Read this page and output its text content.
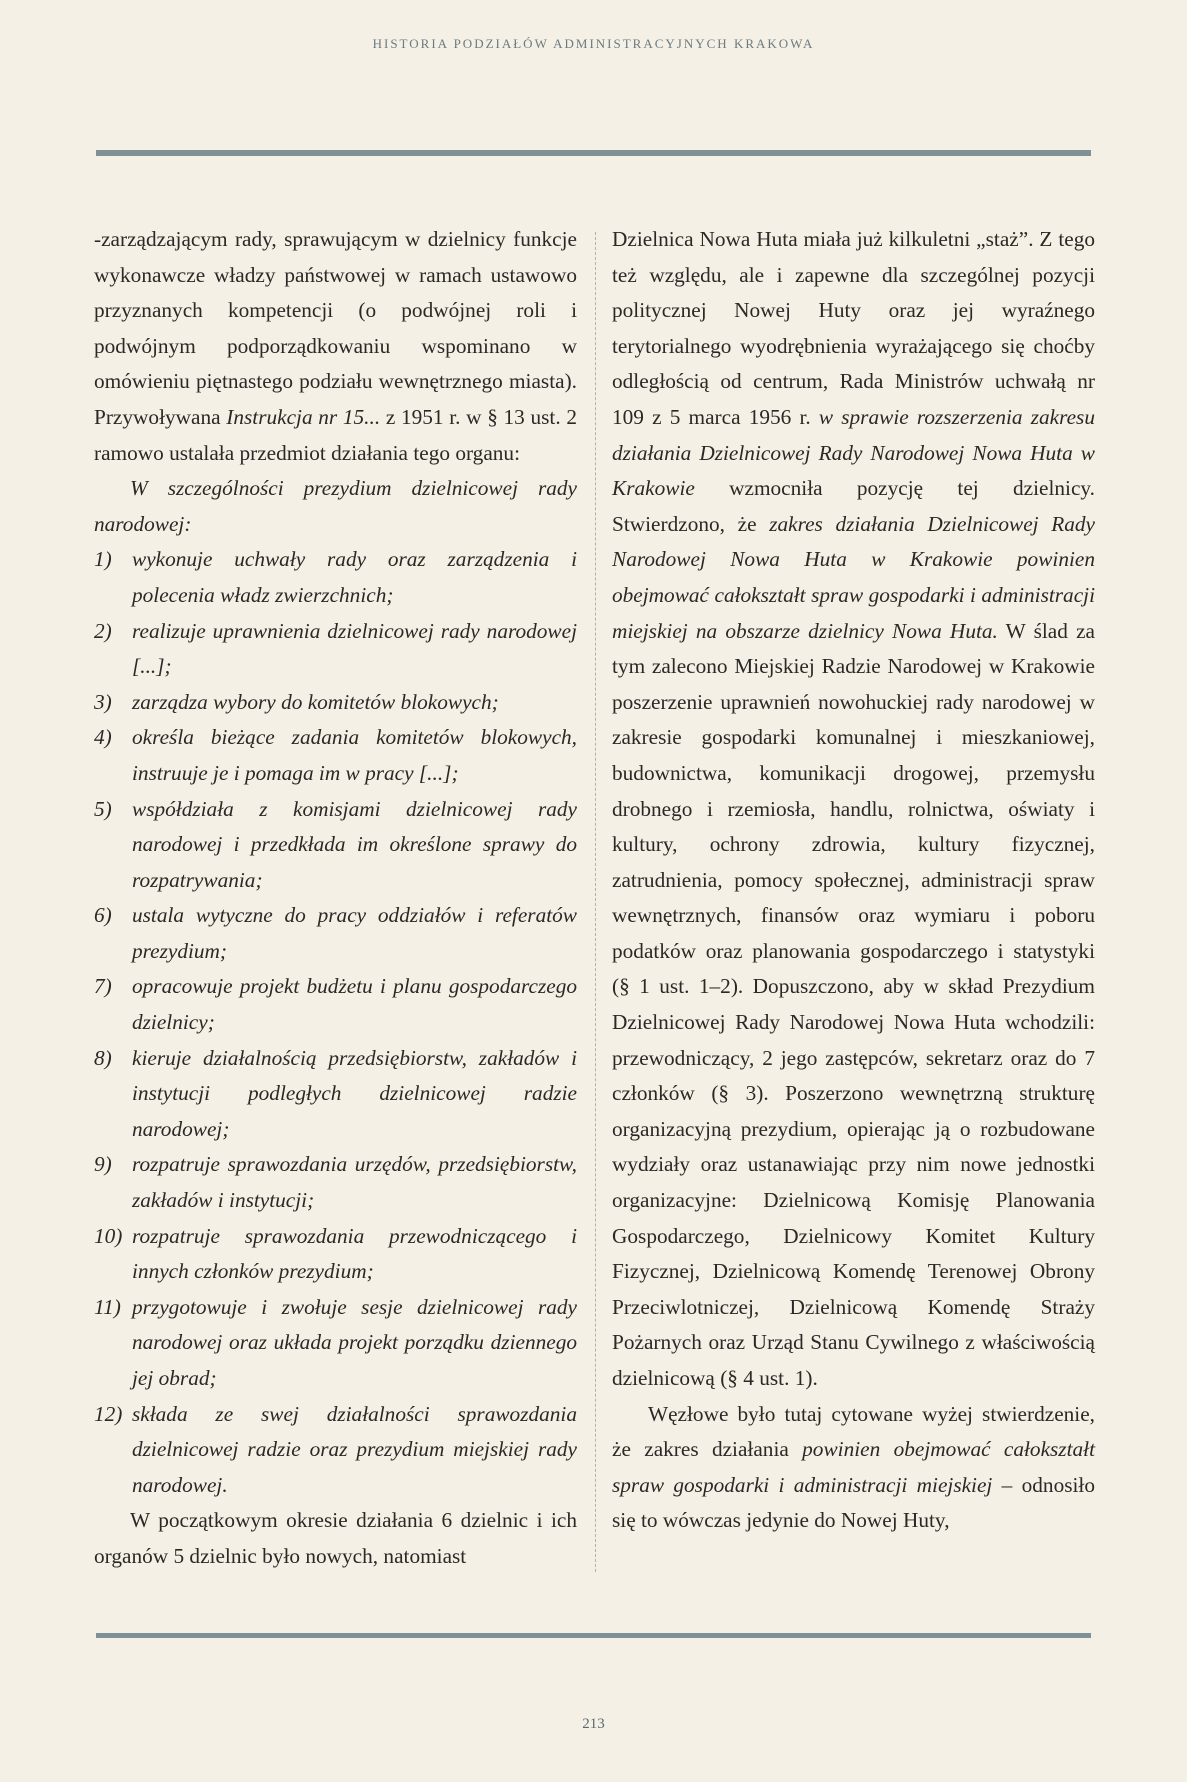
HISTORIA PODZIAŁÓW ADMINISTRACYJNYCH KRAKOWA

-zarządzającym rady, sprawującym w dzielnicy funkcje wykonawcze władzy państwowej w ramach ustawowo przyznanych kompetencji (o podwójnej roli i podwójnym podporządkowaniu wspominano w omówieniu piętnastego podziału wewnętrznego miasta). Przywoływana Instrukcja nr 15... z 1951 r. w § 13 ust. 2 ramowo ustalała przedmiot działania tego organu:

W szczególności prezydium dzielnicowej rady narodowej:

1) wykonuje uchwały rady oraz zarządzenia i polecenia władz zwierzchnich;
2) realizuje uprawnienia dzielnicowej rady narodowej [...];
3) zarządza wybory do komitetów blokowych;
4) określa bieżące zadania komitetów blokowych, instruuje je i pomaga im w pracy [...];
5) współdziała z komisjami dzielnicowej rady narodowej i przedkłada im określone sprawy do rozpatrywania;
6) ustala wytyczne do pracy oddziałów i referatów prezydium;
7) opracowuje projekt budżetu i planu gospodarczego dzielnicy;
8) kieruje działalnością przedsiębiorstw, zakładów i instytucji podległych dzielnicowej radzie narodowej;
9) rozpatruje sprawozdania urzędów, przedsiębiorstw, zakładów i instytucji;
10) rozpatruje sprawozdania przewodniczącego i innych członków prezydium;
11) przygotowuje i zwołuje sesje dzielnicowej rady narodowej oraz układa projekt porządku dziennego jej obrad;
12) składa ze swej działalności sprawozdania dzielnicowej radzie oraz prezydium miejskiej rady narodowej.

W początkowym okresie działania 6 dzielnic i ich organów 5 dzielnic było nowych, natomiast

Dzielnica Nowa Huta miała już kilkuletni „staż”. Z tego też względu, ale i zapewne dla szczególnej pozycji politycznej Nowej Huty oraz jej wyraźnego terytorialnego wyodrębnienia wyrażającego się choćby odległością od centrum, Rada Ministrów uchwałą nr 109 z 5 marca 1956 r. w sprawie rozszerzenia zakresu działania Dzielnicowej Rady Narodowej Nowa Huta w Krakowie wzmocniła pozycję tej dzielnicy. Stwierdzono, że zakres działania Dzielnicowej Rady Narodowej Nowa Huta w Krakowie powinien obejmować całokształt spraw gospodarki i administracji miejskiej na obszarze dzielnicy Nowa Huta. W ślad za tym zalecono Miejskiej Radzie Narodowej w Krakowie poszerzenie uprawnień nowohuckiej rady narodowej w zakresie gospodarki komunalnej i mieszkaniowej, budownictwa, komunikacji drogowej, przemysłu drobnego i rzemiosła, handlu, rolnictwa, oświaty i kultury, ochrony zdrowia, kultury fizycznej, zatrudnienia, pomocy społecznej, administracji spraw wewnętrznych, finansów oraz wymiaru i poboru podatków oraz planowania gospodarczego i statystyki (§ 1 ust. 1–2). Dopuszczono, aby w skład Prezydium Dzielnicowej Rady Narodowej Nowa Huta wchodzili: przewodniczący, 2 jego zastępców, sekretarz oraz do 7 członków (§ 3). Poszerzono wewnętrzną strukturę organizacyjną prezydium, opierając ją o rozbudowane wydziały oraz ustanawiając przy nim nowe jednostki organizacyjne: Dzielnicową Komisję Planowania Gospodarczego, Dzielnicowy Komitet Kultury Fizycznej, Dzielnicową Komendę Terenowej Obrony Przeciwlotniczej, Dzielnicową Komendę Straży Pożarnych oraz Urząd Stanu Cywilnego z właściwością dzielnicową (§ 4 ust. 1).

Węzłowe było tutaj cytowane wyżej stwierdzenie, że zakres działania powinien obejmować całokształt spraw gospodarki i administracji miejskiej – odnosiło się to wówczas jedynie do Nowej Huty,

213
